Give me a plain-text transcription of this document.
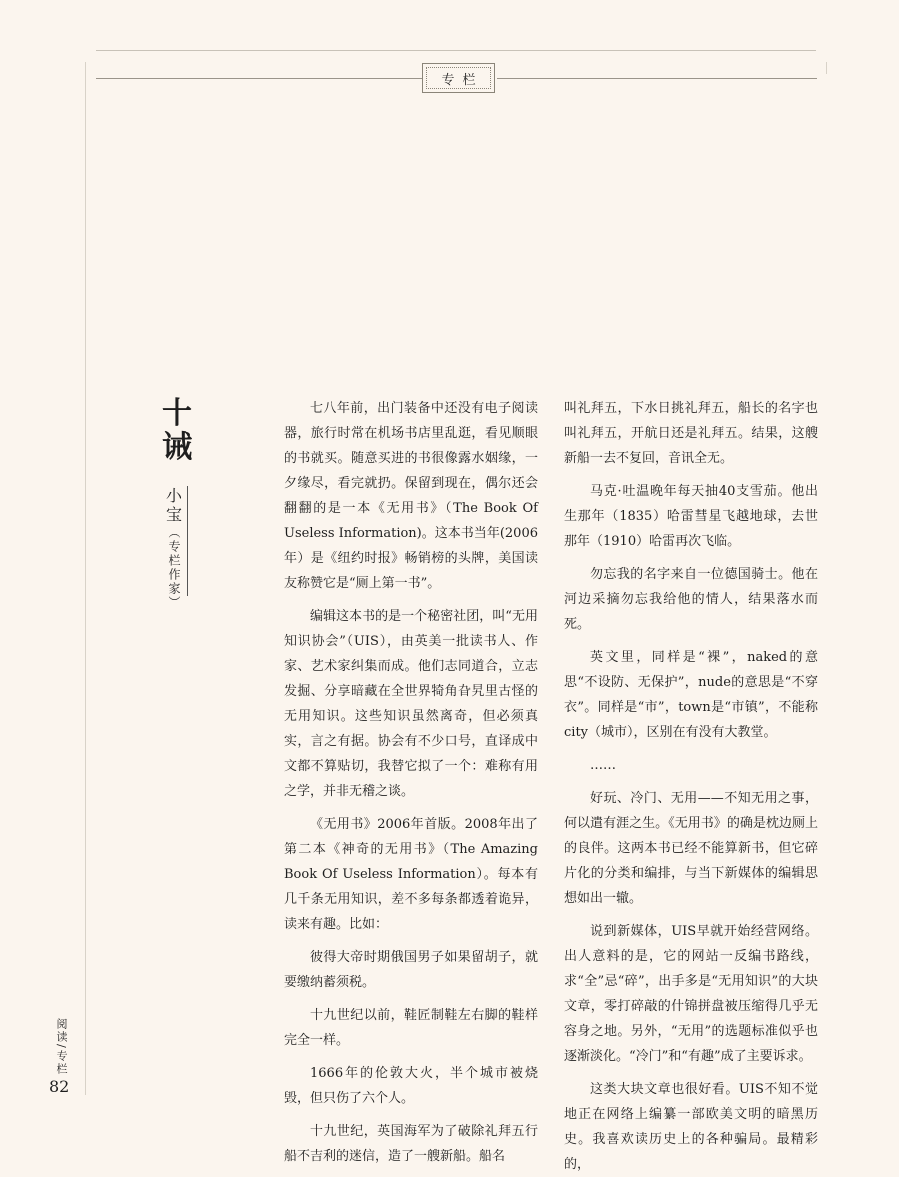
专栏
十诫
小宝
（专栏作家）

七八年前，出门装备中还没有电子阅读器，旅行时常在机场书店里乱逛，看见顺眼的书就买。随意买进的书很像露水姻缘，一夕缘尽，看完就扔。保留到现在，偶尔还会翻翻的是一本《无用书》（The Book Of Useless Information)。这本书当年(2006年）是《纽约时报》畅销榜的头牌，美国读友称赞它是“厕上第一书”。

编辑这本书的是一个秘密社团，叫“无用知识协会”（UIS），由英美一批读书人、作家、艺术家纠集而成。他们志同道合，立志发掘、分享暗藏在全世界犄角旮旯里古怪的无用知识。这些知识虽然离奇，但必须真实，言之有据。协会有不少口号，直译成中文都不算贴切，我替它拟了一个：难称有用之学，并非无稽之谈。

《无用书》2006年首版。2008年出了第二本《神奇的无用书》（The Amazing Book Of Useless Information）。每本有几千条无用知识，差不多每条都透着诡异，读来有趣。比如：

彼得大帝时期俄国男子如果留胡子，就要缴纳蓄须税。

十九世纪以前，鞋匠制鞋左右脚的鞋样完全一样。

1666年的伦敦大火，半个城市被烧毁，但只伤了六个人。

十九世纪，英国海军为了破除礼拜五行船不吉利的迷信，造了一艘新船。船名

叫礼拜五，下水日挑礼拜五，船长的名字也叫礼拜五，开航日还是礼拜五。结果，这艘新船一去不复回，音讯全无。

马克·吐温晚年每天抽40支雪茄。他出生那年（1835）哈雷彗星飞越地球，去世那年（1910）哈雷再次飞临。

勿忘我的名字来自一位德国骑士。他在河边采摘勿忘我给他的情人，结果落水而死。

英文里，同样是“裸”，naked的意思“不设防、无保护”，nude的意思是“不穿衣”。同样是“市”，town是“市镇”，不能称city（城市），区别在有没有大教堂。

……

好玩、冷门、无用——不知无用之事，何以遣有涯之生。《无用书》的确是枕边厕上的良伴。这两本书已经不能算新书，但它碎片化的分类和编排，与当下新媒体的编辑思想如出一辙。

说到新媒体，UIS早就开始经营网络。出人意料的是，它的网站一反编书路线，求“全”忌“碎”，出手多是“无用知识”的大块文章，零打碎敲的什锦拼盘被压缩得几乎无容身之地。另外，“无用”的选题标准似乎也逐渐淡化。“冷门”和“有趣”成了主要诉求。

这类大块文章也很好看。UIS不知不觉地正在网络上编纂一部欧美文明的暗黑历史。我喜欢读历史上的各种骗局。最精彩的，

阅读/专栏
82
